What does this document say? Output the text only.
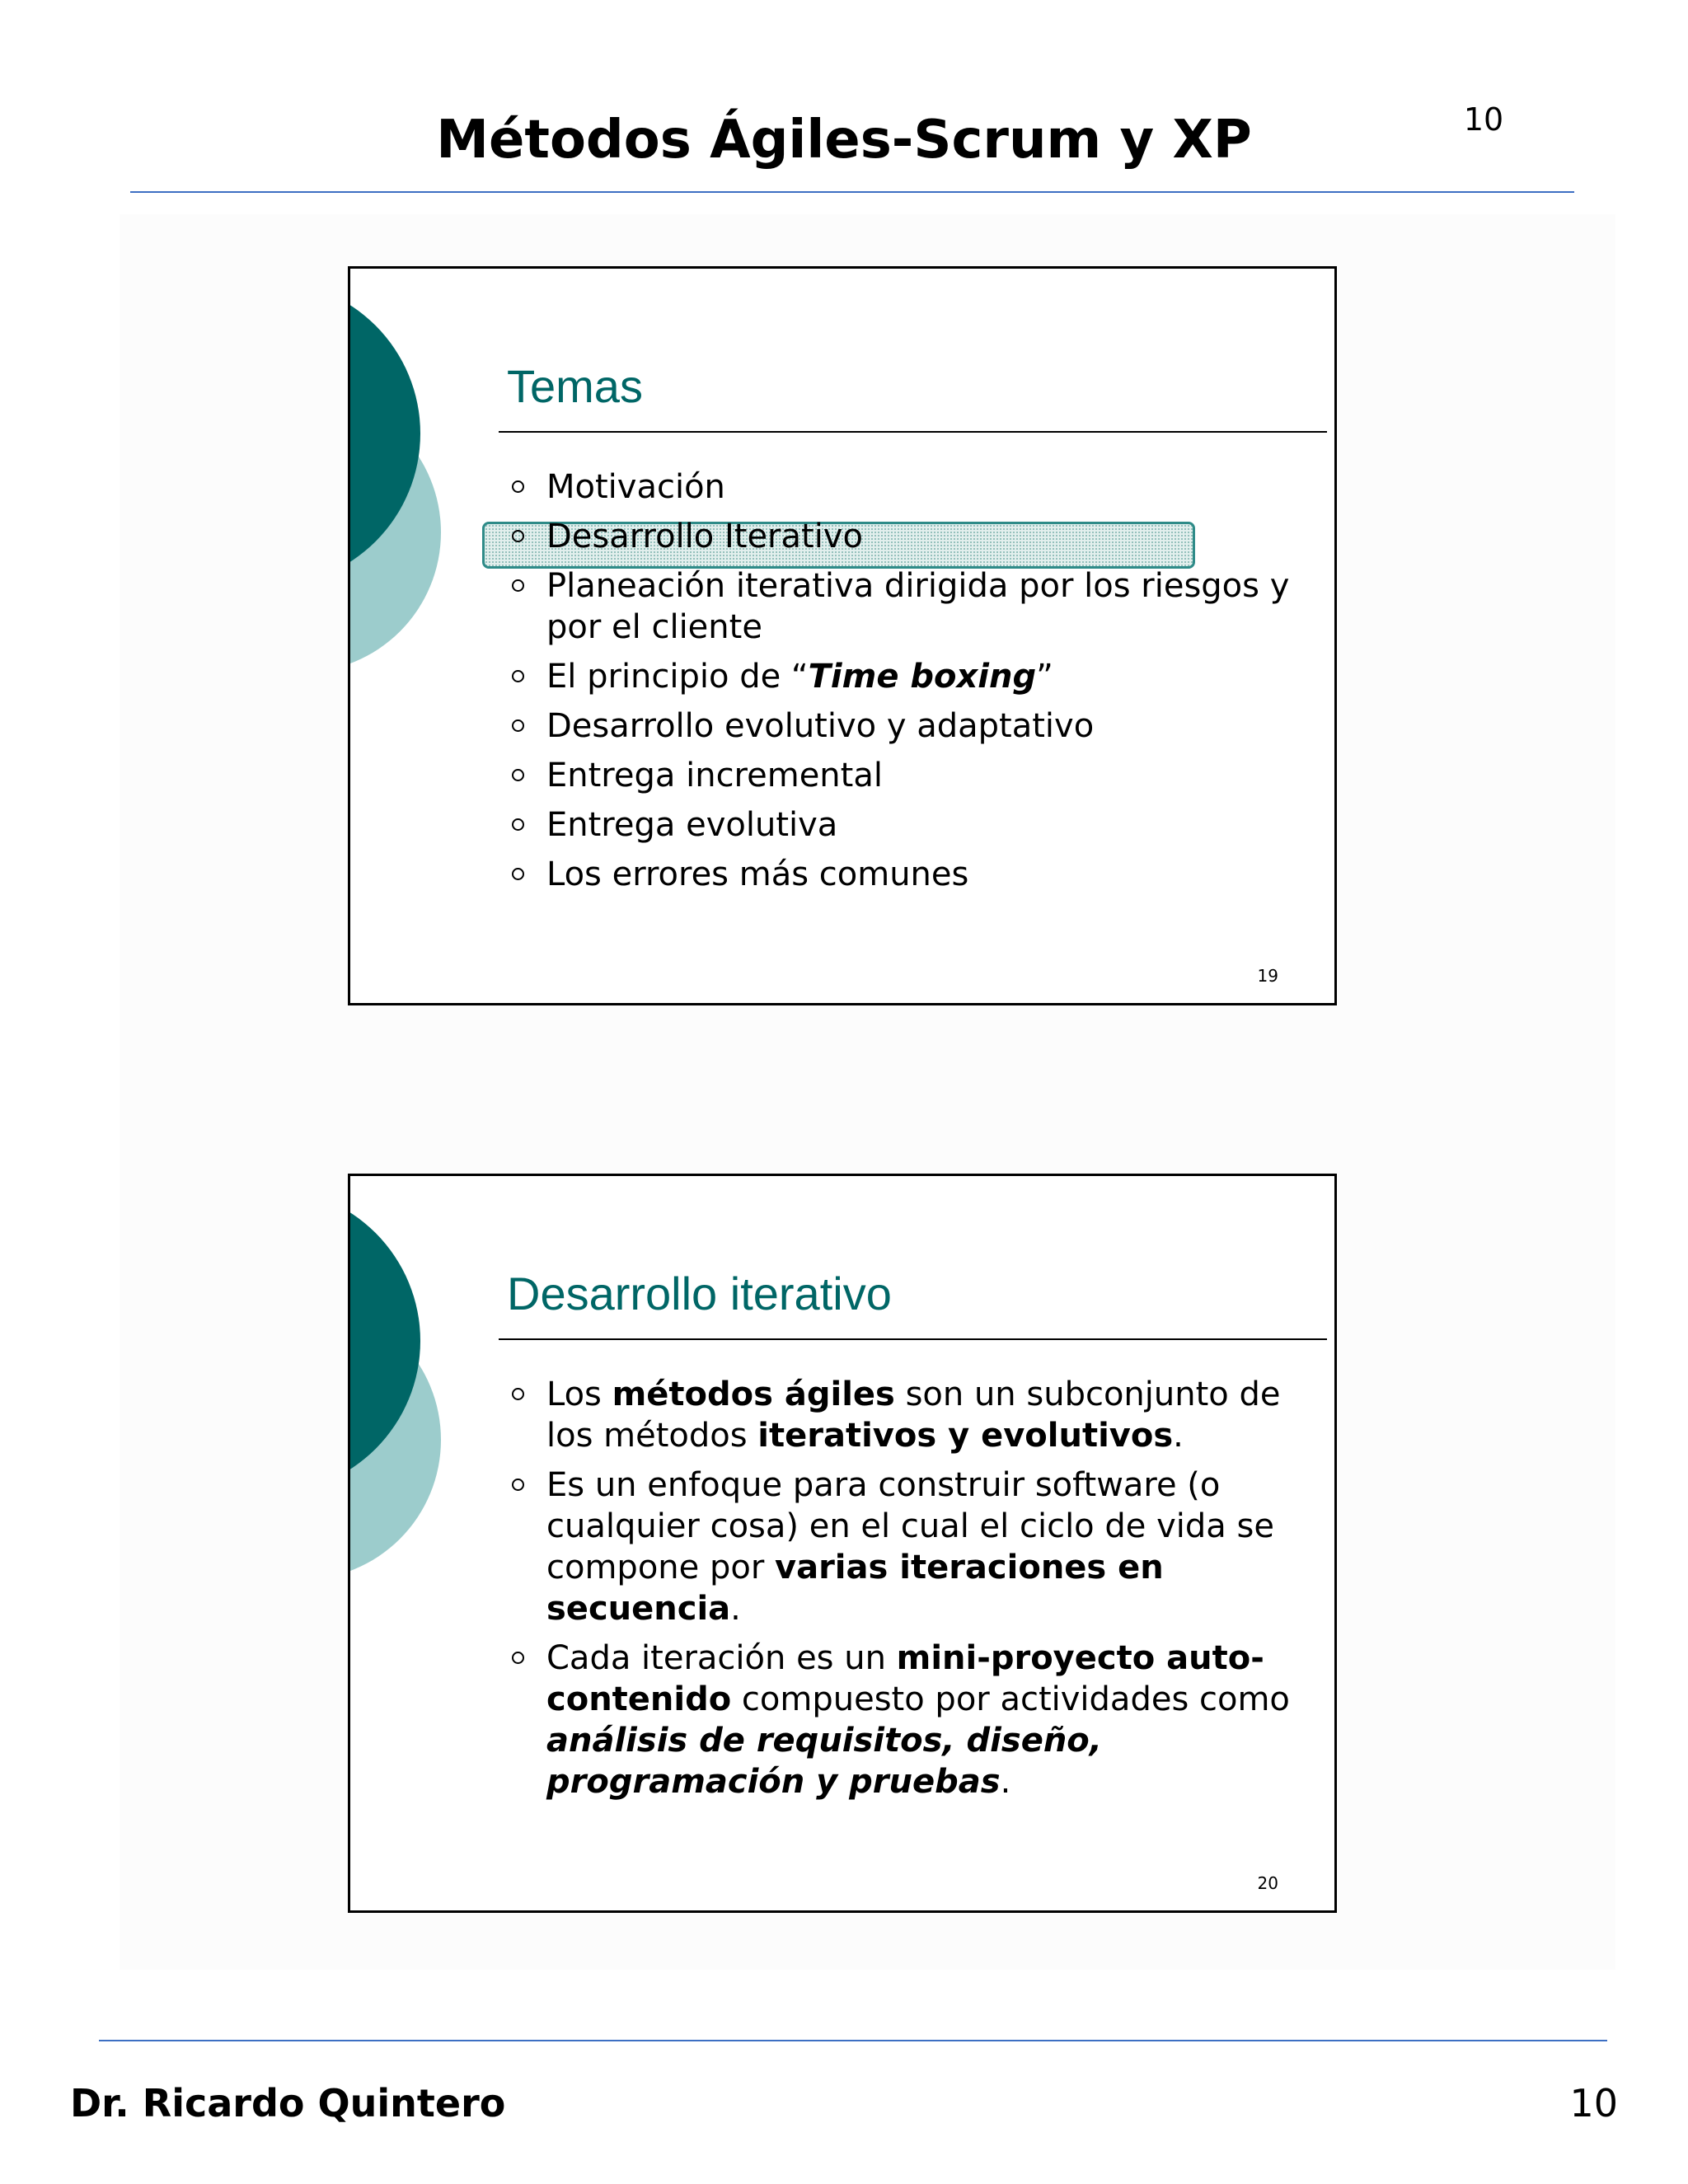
Métodos Ágiles-Scrum y XP	10
Temas
Motivación
Desarrollo Iterativo
Planeación iterativa dirigida por los riesgos y por el cliente
El principio de “Time boxing”
Desarrollo evolutivo y adaptativo
Entrega incremental
Entrega evolutiva
Los errores más comunes
19
Desarrollo iterativo
Los métodos ágiles son un subconjunto de los métodos iterativos y evolutivos.
Es un enfoque para construir software (o cualquier cosa) en el cual el ciclo de vida se compone por varias iteraciones en secuencia.
Cada iteración es un mini-proyecto auto-contenido compuesto por actividades como análisis de requisitos, diseño, programación y pruebas.
20
Dr. Ricardo Quintero	10
